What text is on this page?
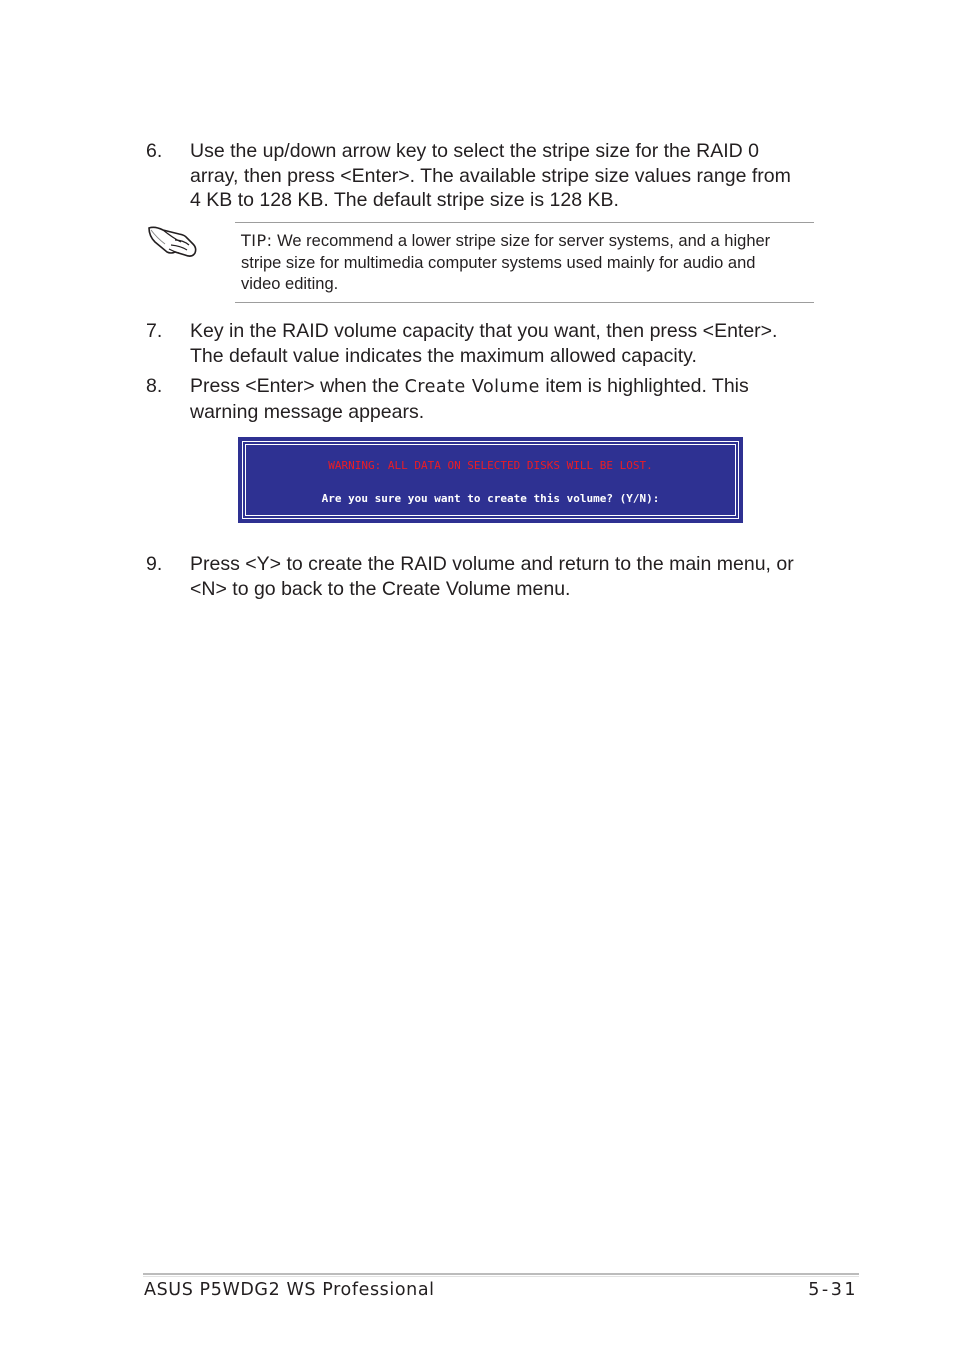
6. Use the up/down arrow key to select the stripe size for the RAID 0
array, then press <Enter>. The available stripe size values range from
4 KB to 128 KB. The default stripe size is 128 KB.
TIP: We recommend a lower stripe size for server systems, and a higher
stripe size for multimedia computer systems used mainly for audio and
video editing.
7. Key in the RAID volume capacity that you want, then press <Enter>.
The default value indicates the maximum allowed capacity.
8. Press <Enter> when the Create Volume item is highlighted. This
warning message appears.
WARNING: ALL DATA ON SELECTED DISKS WILL BE LOST.
Are you sure you want to create this volume? (Y/N):
9. Press <Y> to create the RAID volume and return to the main menu, or
<N> to go back to the Create Volume menu.
ASUS P5WDG2 WS Professional	5-31
